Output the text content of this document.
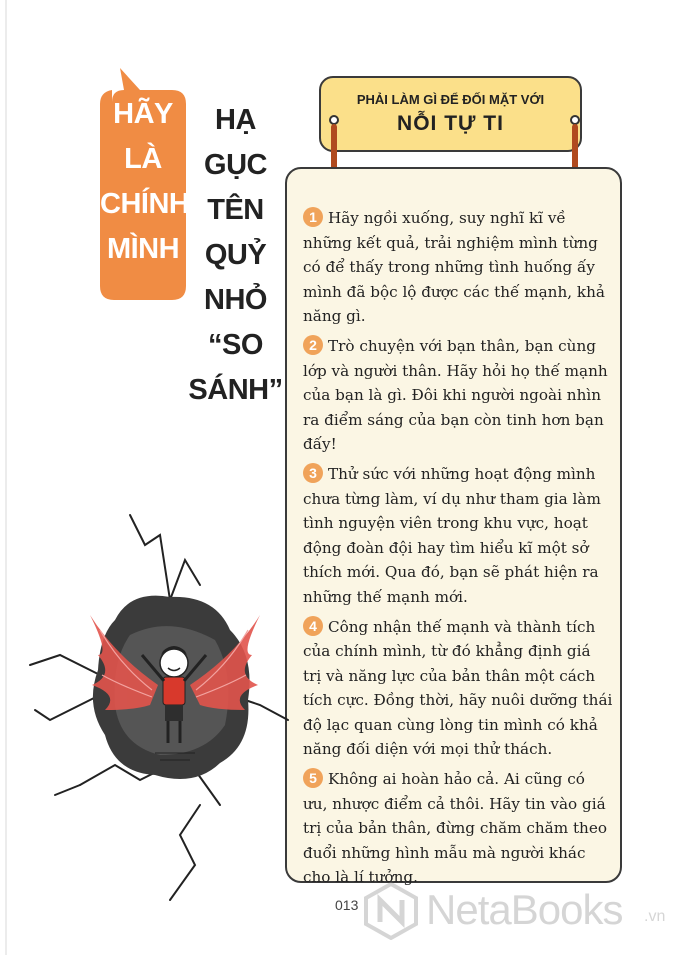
HÃY
LÀ
CHÍNH
MÌNH
HẠ
GỤC
TÊN
QUỶ
NHỎ
“SO
SÁNH”
PHẢI LÀM GÌ ĐỂ ĐỐI MẶT VỚI
NỖI TỰ TI
1 Hãy ngồi xuống, suy nghĩ kĩ về những kết quả, trải nghiệm mình từng có để thấy trong những tình huống ấy mình đã bộc lộ được các thế mạnh, khả năng gì.
2 Trò chuyện với bạn thân, bạn cùng lớp và người thân. Hãy hỏi họ thế mạnh của bạn là gì. Đôi khi người ngoài nhìn ra điểm sáng của bạn còn tinh hơn bạn đấy!
3 Thử sức với những hoạt động mình chưa từng làm, ví dụ như tham gia làm tình nguyện viên trong khu vực, hoạt động đoàn đội hay tìm hiểu kĩ một sở thích mới. Qua đó, bạn sẽ phát hiện ra những thế mạnh mới.
4 Công nhận thế mạnh và thành tích của chính mình, từ đó khẳng định giá trị và năng lực của bản thân một cách tích cực. Đồng thời, hãy nuôi dưỡng thái độ lạc quan cùng lòng tin mình có khả năng đối diện với mọi thử thách.
5 Không ai hoàn hảo cả. Ai cũng có ưu, nhược điểm cả thôi. Hãy tin vào giá trị của bản thân, đừng chăm chăm theo đuổi những hình mẫu mà người khác cho là lí tưởng.
013 NetaBooks .vn
